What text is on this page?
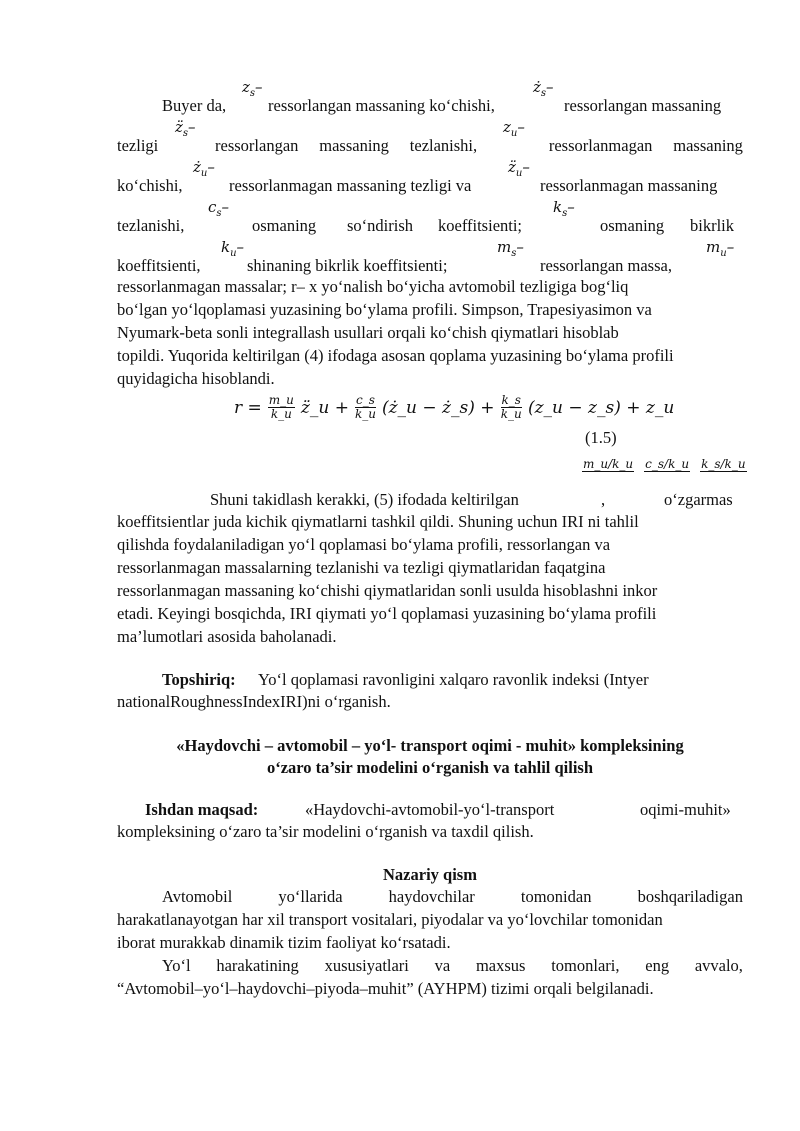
Buyer da,
$z_s-$
ressorlangan massaning ko‘chishi,
$ż_s-$
ressorlangan massaning
tezligi
$z̈_s-$
ressorlangan massaning tezlanishi,	ressorlanmagan massaning
$z_u-$
ko‘chishi,
$ż_u-$
ressorlanmagan massaning tezligi va
$z̈_u-$
ressorlanmagan massaning
tezlanishi,
$c_s-$
osmaning so‘ndirish koeffitsienti;
$k_s-$
osmaning bikrlik
koeffitsienti,
$k_u-$
shinaning bikrlik koeffitsienti;
$m_s-$
ressorlangan massa,
$m_u-$
ressorlanmagan massalar; r– x yo‘nalish bo‘yicha avtomobil tezligiga bog‘liq
bo‘lgan yo‘lqoplamasi yuzasining bo‘ylama profili. Simpson, Trapesiyasimon va
Nyumark-beta sonli integrallash usullari orqali ko‘chish qiymatlari hisoblab
topildi. Yuqorida keltirilgan (4) ifodaga asosan qoplama yuzasining bo‘ylama profili
quyidagicha hisoblandi.
$r = \frac{m\_u}{k\_u}$ z̈_u + $\frac{c\_s}{k\_u}$ (ż_u − ż_s) + $\frac{k\_s}{k\_u}$ (z_u − z_s) + z_u
(1.5)
Shuni takidlash kerakki, (5) ifodada keltirilgan
m_u/k_u c_s/k_u k_s/k_u
,	o‘zgarmas
koeffitsientlar juda kichik qiymatlarni tashkil qildi. Shuning uchun IRI ni tahlil
qilishda foydalaniladigan yo‘l qoplamasi bo‘ylama profili, ressorlangan va
ressorlanmagan massalarning tezlanishi va tezligi qiymatlaridan faqatgina
ressorlanmagan massaning ko‘chishi qiymatlaridan sonli usulda hisoblashni inkor
etadi. Keyingi bosqichda, IRI qiymati yo‘l qoplamasi yuzasining bo‘ylama profili
ma’lumotlari asosida baholanadi.
Topshiriq: Yo‘l qoplamasi ravonligini xalqaro ravonlik indeksi (Intyer
nationalRoughnessIndexIRI)ni o‘rganish.
«Haydovchi – avtomobil – yo‘l- transport oqimi - muhit» kompleksining
o‘zaro ta’sir modelini o‘rganish va tahlil qilish
Ishdan maqsad:	«Haydovchi-avtomobil-yo‘l-transport	oqimi-muhit»
kompleksining o‘zaro ta’sir modelini o‘rganish va taxdil qilish.
Nazariy qism
Avtomobil	yo‘llarida	haydovchilar	tomonidan	boshqariladigan
harakatlanayotgan har xil transport vositalari, piyodalar va yo‘lovchilar tomonidan
iborat murakkab dinamik tizim faoliyat ko‘rsatadi.
Yo‘l harakatining xususiyatlari va maxsus tomonlari, eng avvalo,
“Avtomobil–yo‘l–haydovchi–piyoda–muhit” (AYHPM) tizimi orqali belgilanadi.
